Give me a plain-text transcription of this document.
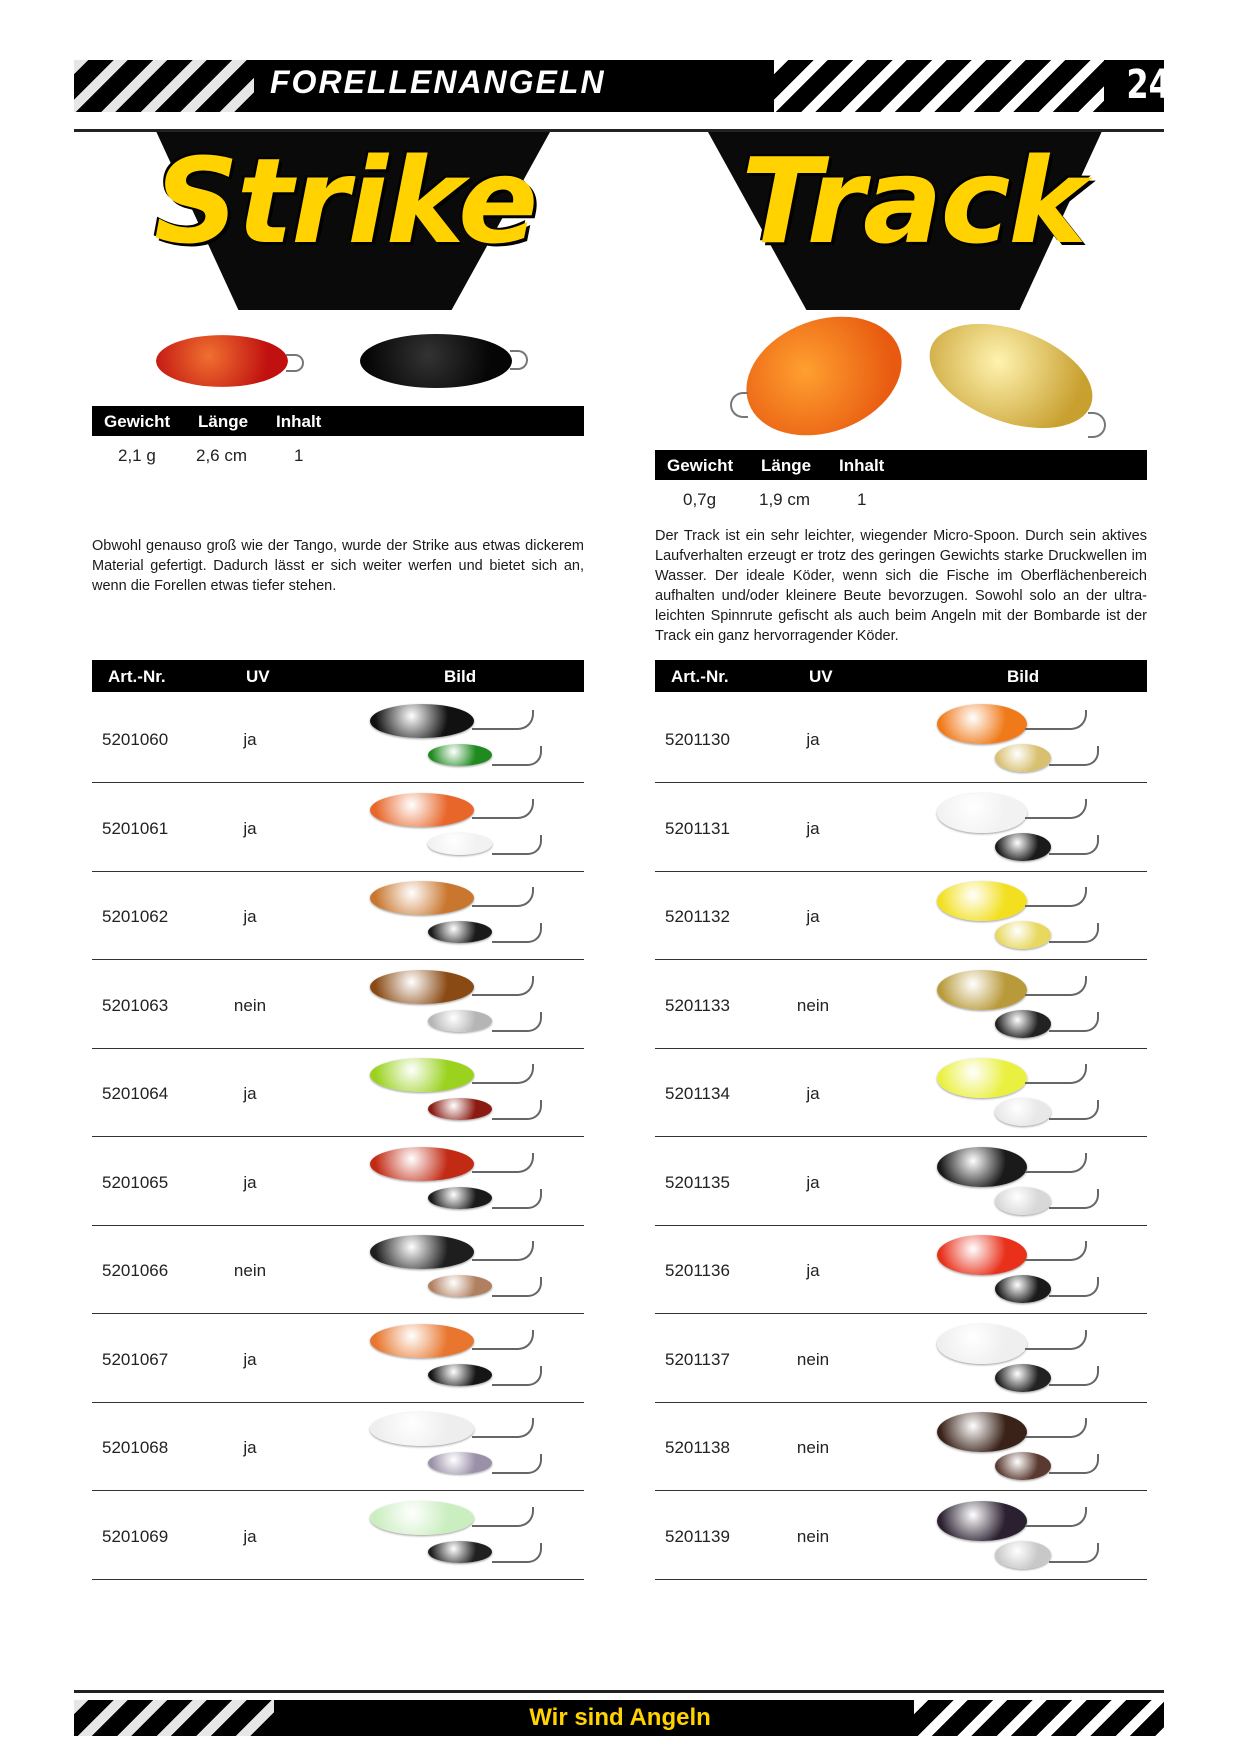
FORELLENANGELN	247
Strike Track
Gewicht Länge Inhalt
2,1 g 2,6 cm	1
Gewicht Länge Inhalt
0,7g	1,9 cm	1
Obwohl genauso groß wie der Tango, wurde der Strike aus etwas dickerem Material gefertigt. Dadurch lässt er sich weiter werfen und bietet sich an, wenn die Forellen etwas tiefer stehen.
Der Track ist ein sehr leichter, wiegender Micro-Spoon. Durch sein aktives Laufverhalten erzeugt er trotz des geringen Gewichts starke Druckwellen im Wasser. Der ideale Köder, wenn sich die Fische im Oberflächenbereich aufhalten und/oder kleinere Beute bevorzugen. Sowohl solo an der ultra-leichten Spinnrute gefischt als auch beim Angeln mit der Bombarde ist der Track ein ganz hervorragender Köder.
Art.-Nr.	UV	Bild
5201060	ja
5201061	ja
5201062	ja
5201063	nein
5201064	ja
5201065	ja
5201066	nein
5201067	ja
5201068	ja
5201069	ja
Art.-Nr.	UV	Bild
5201130	ja
5201131	ja
5201132	ja
5201133	nein
5201134	ja
5201135	ja
5201136	ja
5201137	nein
5201138	nein
5201139	nein
Wir sind Angeln
